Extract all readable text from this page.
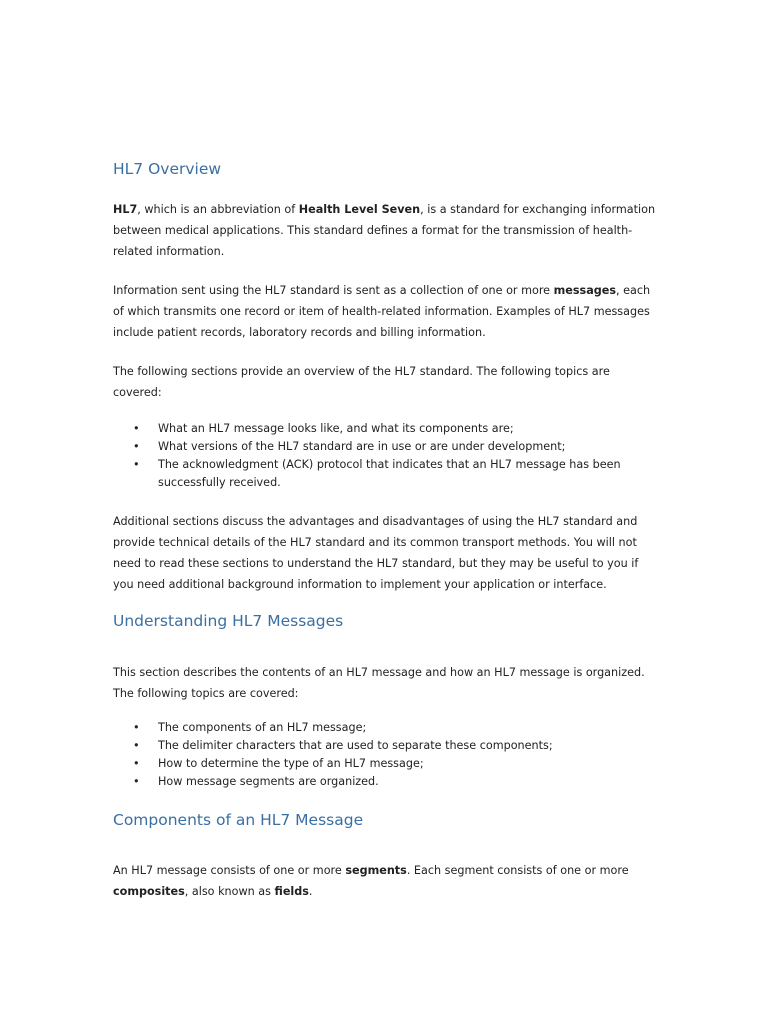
HL7 Overview

HL7, which is an abbreviation of Health Level Seven, is a standard for exchanging information between medical applications. This standard defines a format for the transmission of health-related information.

Information sent using the HL7 standard is sent as a collection of one or more messages, each of which transmits one record or item of health-related information. Examples of HL7 messages include patient records, laboratory records and billing information.

The following sections provide an overview of the HL7 standard. The following topics are covered:

• What an HL7 message looks like, and what its components are;
• What versions of the HL7 standard are in use or are under development;
• The acknowledgment (ACK) protocol that indicates that an HL7 message has been successfully received.

Additional sections discuss the advantages and disadvantages of using the HL7 standard and provide technical details of the HL7 standard and its common transport methods. You will not need to read these sections to understand the HL7 standard, but they may be useful to you if you need additional background information to implement your application or interface.

Understanding HL7 Messages

This section describes the contents of an HL7 message and how an HL7 message is organized. The following topics are covered:

• The components of an HL7 message;
• The delimiter characters that are used to separate these components;
• How to determine the type of an HL7 message;
• How message segments are organized.
Components of an HL7 Message

An HL7 message consists of one or more segments. Each segment consists of one or more composites, also known as fields.
